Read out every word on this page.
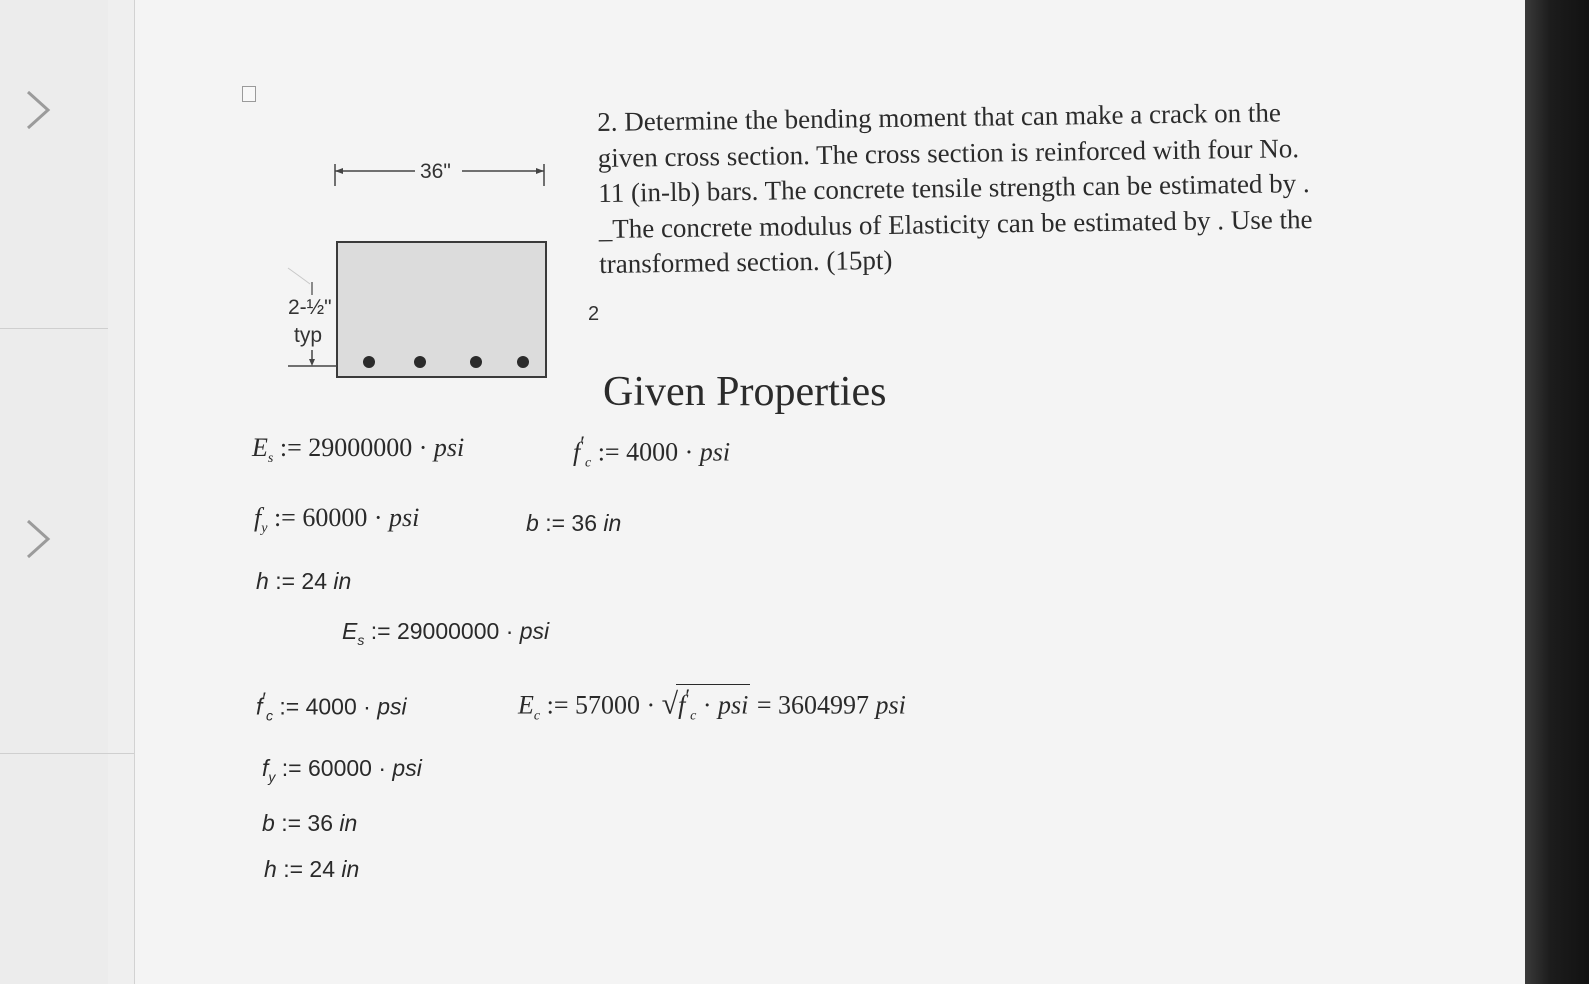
36"
2-½"
typ
2. Determine the bending moment that can make a crack on the
given cross section. The cross section is reinforced with four No.
11 (in-lb) bars. The concrete tensile strength can be estimated by .
_The concrete modulus of Elasticity can be estimated by . Use the
transformed section. (15pt)
2
Given Properties
$E_s$ := 29000000 · psi	$f'_c$ := 4000 · psi
$f_y$ := 60000 · psi	b := 36 in
h := 24 in
$E_s$ := 29000000 · psi
$f'_c$ := 4000 · psi	$E_c$ := $57000 \cdot √f'_c$ · psi = 3604997 psi
$f_y$ := 60000 · psi
b := 36 in
h := 24 in
